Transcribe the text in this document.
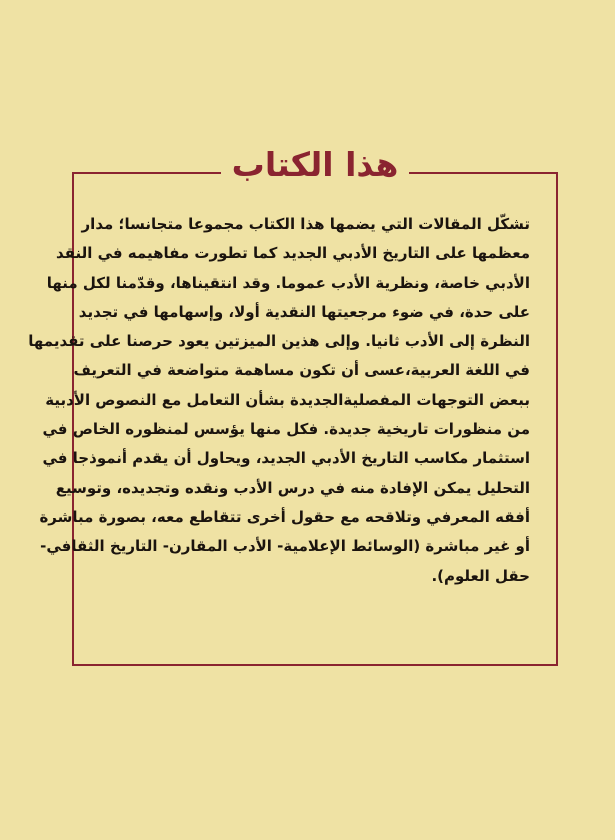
هذا الكتاب
تشكّل المقالات التي يضمها هذا الكتاب مجموعا متجانسا؛ مدار
معظمها على التاريخ الأدبي الجديد كما تطورت مفاهيمه في النقد
الأدبي خاصة، ونظرية الأدب عموما. وقد انتقيناها، وقدّمنا لكل منها
على حدة، في ضوء مرجعيتها النقدية أولا، وإسهامها في تجديد
النظرة إلى الأدب ثانيا. وإلى هذين الميزتين يعود حرصنا على تقديمها
في اللغة العربية،عسى أن تكون مساهمة متواضعة في التعريف
ببعض التوجهات المفصليةالجديدة بشأن التعامل مع النصوص الأدبية
من منظورات تاريخية جديدة. فكل منها يؤسس لمنظوره الخاص في
استثمار مكاسب التاريخ الأدبي الجديد، ويحاول أن يقدم أنموذجا في
التحليل يمكن الإفادة منه في درس الأدب ونقده وتجديده، وتوسيع
أفقه المعرفي وتلاقحه مع حقول أخرى تتقاطع معه، بصورة مباشرة
أو غير مباشرة (الوسائط الإعلامية- الأدب المقارن- التاريخ الثقافي-
حقل العلوم).
